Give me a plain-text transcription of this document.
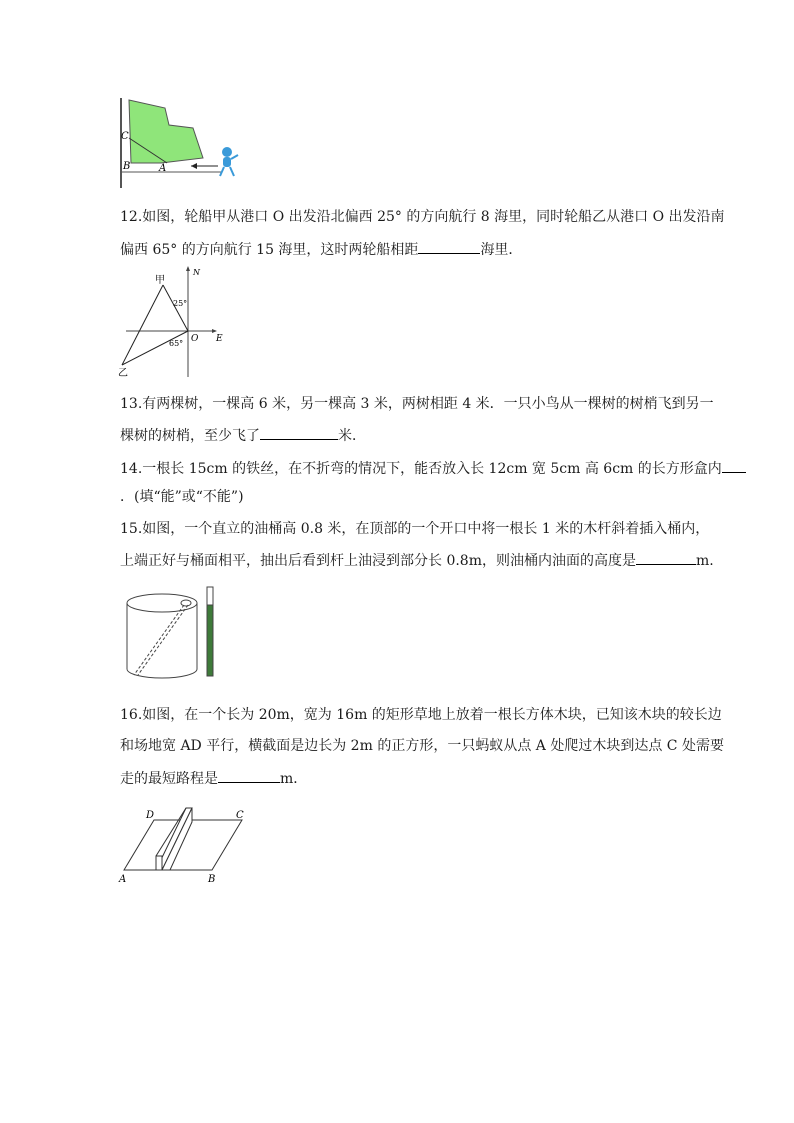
C
B	A
12.如图，轮船甲从港口 O 出发沿北偏西 25° 的方向航行 8 海里，同时轮船乙从港口 O 出发沿南
偏西 65° 的方向航行 15 海里，这时两轮船相距	海里．
甲
乙
N
O E
25°
65°
13.有两棵树，一棵高 6 米，另一棵高 3 米，两树相距 4 米．一只小鸟从一棵树的树梢飞到另一
棵树的树梢，至少飞了	米．
14.一根长 15cm 的铁丝，在不折弯的情况下，能否放入长 12cm 宽 5cm 高 6cm 的长方形盒内
．(填“能”或“不能”)
15.如图，一个直立的油桶高 0.8 米，在顶部的一个开口中将一根长 1 米的木杆斜着插入桶内，
上端正好与桶面相平，抽出后看到杆上油浸到部分长 0.8m，则油桶内油面的高度是	m.
16.如图，在一个长为 20m，宽为 16m 的矩形草地上放着一根长方体木块，已知该木块的较长边
和场地宽 AD 平行，横截面是边长为 2m 的正方形，一只蚂蚁从点 A 处爬过木块到达点 C 处需要
走的最短路程是	m．
D	C
A	B
